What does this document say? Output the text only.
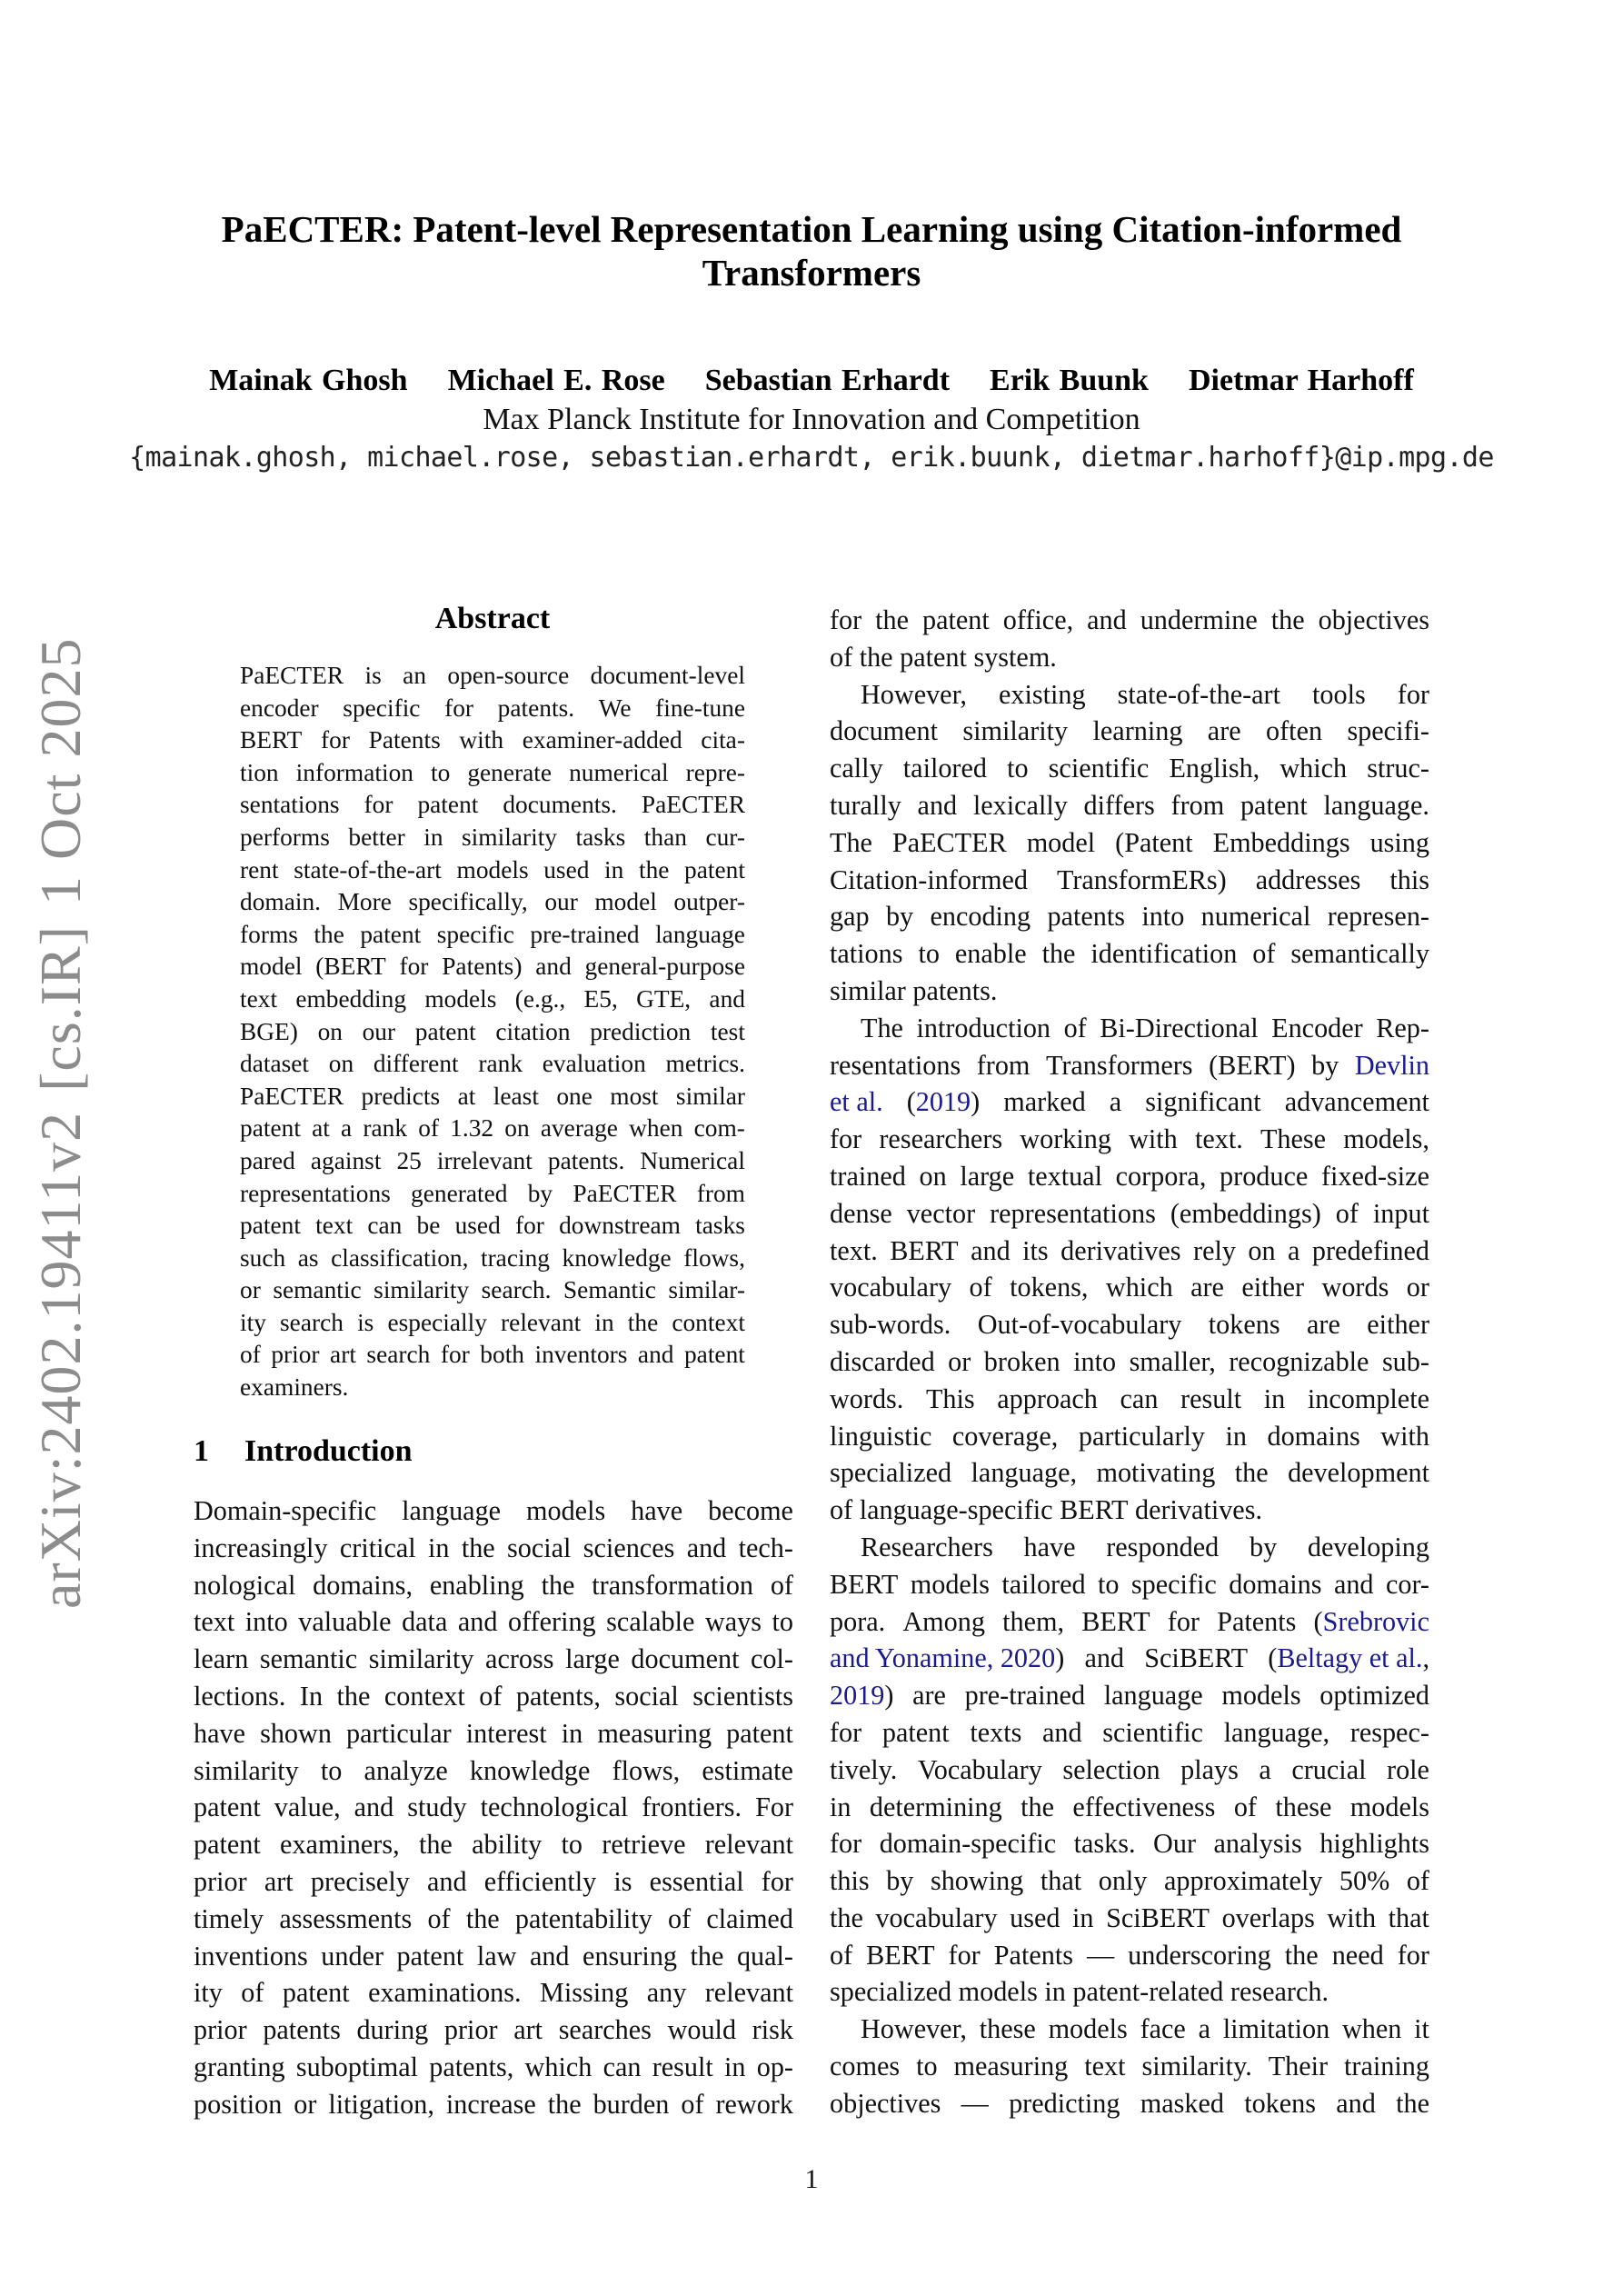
PaECTER: Patent-level Representation Learning using Citation-informed
Transformers
Mainak Ghosh Michael E. Rose Sebastian Erhardt Erik Buunk Dietmar Harhoff
Max Planck Institute for Innovation and Competition
{mainak.ghosh, michael.rose, sebastian.erhardt, erik.buunk, dietmar.harhoff}@ip.mpg.de
arXiv:2402.19411v2[cs.IR]1 Oct 2025
Abstract
PaECTER is an open-source document-level
encoder specific for patents. We fine-tune
BERT for Patents with examiner-added cita-
tion information to generate numerical repre-
sentations for patent documents. PaECTER
performs better in similarity tasks than cur-
rent state-of-the-art models used in the patent
domain. More specifically, our model outper-
forms the patent specific pre-trained language
model (BERT for Patents) and general-purpose
text embedding models (e.g., E5, GTE, and
BGE) on our patent citation prediction test
dataset on different rank evaluation metrics.
PaECTER predicts at least one most similar
patent at a rank of 1.32 on average when com-
pared against 25 irrelevant patents. Numerical
representations generated by PaECTER from
patent text can be used for downstream tasks
such as classification, tracing knowledge flows,
or semantic similarity search. Semantic similar-
ity search is especially relevant in the context
of prior art search for both inventors and patent
examiners.
1 Introduction
Domain-specific language models have become
increasingly critical in the social sciences and tech-
nological domains, enabling the transformation of
text into valuable data and offering scalable ways to
learn semantic similarity across large document col-
lections. In the context of patents, social scientists
have shown particular interest in measuring patent
similarity to analyze knowledge flows, estimate
patent value, and study technological frontiers. For
patent examiners, the ability to retrieve relevant
prior art precisely and efficiently is essential for
timely assessments of the patentability of claimed
inventions under patent law and ensuring the qual-
ity of patent examinations. Missing any relevant
prior patents during prior art searches would risk
granting suboptimal patents, which can result in op-
position or litigation, increase the burden of rework
for the patent office, and undermine the objectives
of the patent system.
However, existing state-of-the-art tools for
document similarity learning are often specifi-
cally tailored to scientific English, which struc-
turally and lexically differs from patent language.
The PaECTER model (Patent Embeddings using
Citation-informed TransformERs) addresses this
gap by encoding patents into numerical represen-
tations to enable the identification of semantically
similar patents.
The introduction of Bi-Directional Encoder Rep-
resentations from Transformers (BERT) by Devlin
et al. (2019) marked a significant advancement
for researchers working with text. These models,
trained on large textual corpora, produce fixed-size
dense vector representations (embeddings) of input
text. BERT and its derivatives rely on a predefined
vocabulary of tokens, which are either words or
sub-words. Out-of-vocabulary tokens are either
discarded or broken into smaller, recognizable sub-
words. This approach can result in incomplete
linguistic coverage, particularly in domains with
specialized language, motivating the development
of language-specific BERT derivatives.
Researchers have responded by developing
BERT models tailored to specific domains and cor-
pora. Among them, BERT for Patents (Srebrovic
and Yonamine, 2020) and SciBERT (Beltagy et al.,
2019) are pre-trained language models optimized
for patent texts and scientific language, respec-
tively. Vocabulary selection plays a crucial role
in determining the effectiveness of these models
for domain-specific tasks. Our analysis highlights
this by showing that only approximately 50% of
the vocabulary used in SciBERT overlaps with that
of BERT for Patents — underscoring the need for
specialized models in patent-related research.
However, these models face a limitation when it
comes to measuring text similarity. Their training
objectives — predicting masked tokens and the
1
